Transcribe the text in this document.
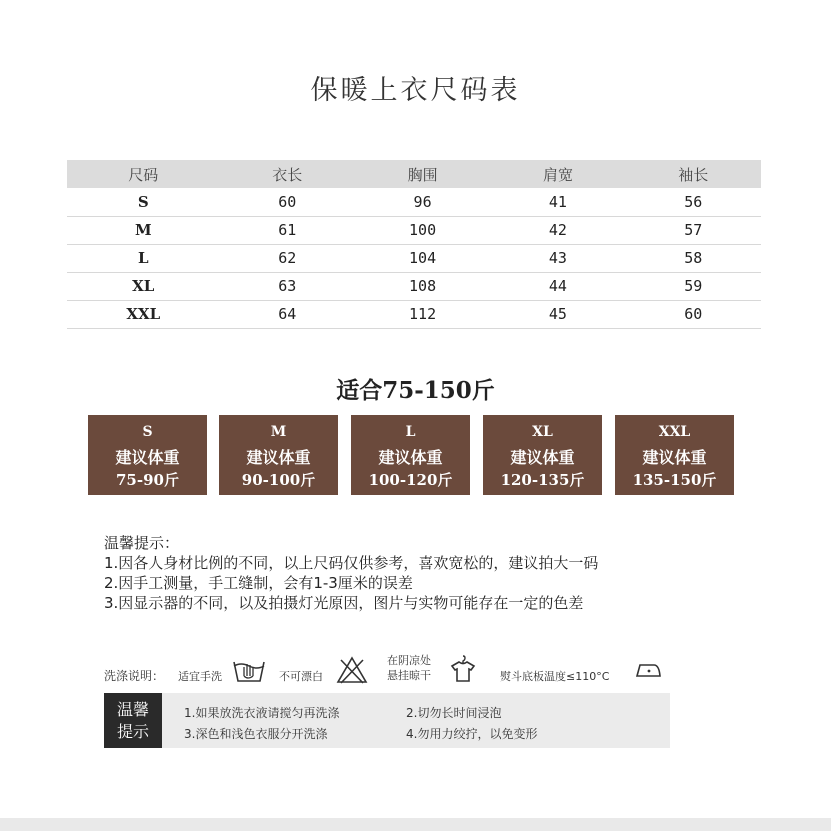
保暖上衣尺码表
尺码	衣长	胸围	肩宽	袖长
S	60	96	41	56
M	61	100	42	57
L	62	104	43	58
XL	63	108	44	59
XXL	64	112	45	60
适合75-150斤
S
建议体重
75-90斤
M
建议体重
90-100斤
L
建议体重
100-120斤
XL
建议体重
120-135斤
XXL
建议体重
135-150斤
温馨提示：
1.因各人身材比例的不同，以上尺码仅供参考，喜欢宽松的，建议拍大一码
2.因手工测量，手工缝制，会有1-3厘米的误差
3.因显示器的不同，以及拍摄灯光原因，图片与实物可能存在一定的色差
洗涤说明： 适宜手洗	不可漂白
在阴凉处
悬挂晾干	熨斗底板温度≤110°C
温馨
提示
1.如果放洗衣液请搅匀再洗涤	2.切勿长时间浸泡
3.深色和浅色衣服分开洗涤	4.勿用力绞拧，以免变形
